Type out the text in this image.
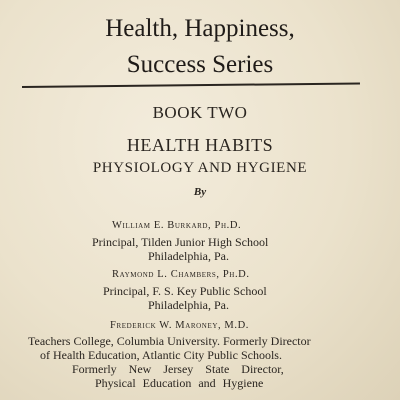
Health, Happiness,
Success Series
BOOK TWO
HEALTH HABITS
PHYSIOLOGY AND HYGIENE
By
William E. Burkard, Ph.D.
Principal, Tilden Junior High School
Philadelphia, Pa.
Raymond L. Chambers, Ph.D.
Principal, F. S. Key Public School
Philadelphia, Pa.
Frederick W. Maroney, M.D.
Teachers College, Columbia University. Formerly Director
of Health Education, Atlantic City Public Schools.
Formerly New Jersey State Director,
Physical Education and Hygiene
